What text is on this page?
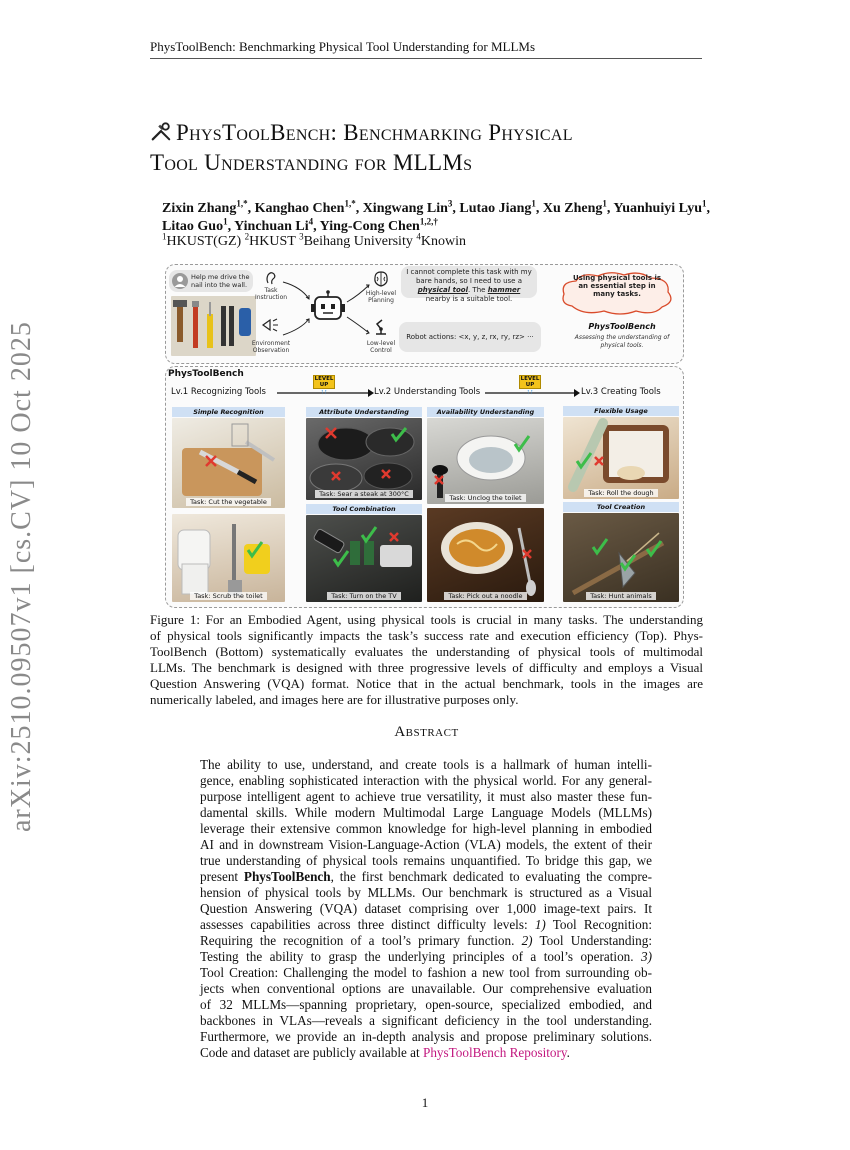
PhysToolBench: Benchmarking Physical Tool Understanding for MLLMs
arXiv:2510.09507v1 [cs.CV] 10 Oct 2025
PhysToolBench: Benchmarking Physical
Tool Understanding for MLLMs
Zixin Zhang$^{1,*}$, Kanghao Chen$^{1,*}$, Xingwang Lin$^3$, Lutao Jiang$^1$, Xu Zheng$^1$, Yuanhuiyi Lyu$^1$,
Litao Guo$^1$, Yinchuan Li$^4$, Ying-Cong Chen$^{1,2,\dagger}$
$^1$HKUST(GZ) $^2$HKUST $^3$Beihang University $^4$Knowin
Help me drive the nail into the wall.
Task Instruction
Environment Observation
High-level Planning
Low-level Control
I cannot complete this task with my bare hands, so I need to use a physical tool. The hammer nearby is a suitable tool.
Robot actions: <x, y, z, rx, ry, rz> ···
Using physical tools is an essential step in many tasks.
PhysToolBench
Assessing the understanding of physical tools.
PhysToolBench
Lv.1 Recognizing Tools	Lv.2 Understanding Tools	Lv.3 Creating Tools
LEVEL UP
↑↑
LEVEL UP
↑↑
Simple Recognition	Attribute Understanding	Availability Understanding	Flexible Usage
Tool Combination	Tool Creation
Task: Cut the vegetable
Task: Sear a steak at 300°C	Task: Unclog the toilet
Task: Roll the dough
Task: Scrub the toilet	Task: Turn on the TV	Task: Pick out a noodle	Task: Hunt animals
Figure 1: For an Embodied Agent, using physical tools is crucial in many tasks. The understanding
of physical tools significantly impacts the task’s success rate and execution efficiency (Top). Phys-
ToolBench (Bottom) systematically evaluates the understanding of physical tools of multimodal
LLMs. The benchmark is designed with three progressive levels of difficulty and employs a Visual
Question Answering (VQA) format. Notice that in the actual benchmark, tools in the images are
numerically labeled, and images here are for illustrative purposes only.
Abstract
The ability to use, understand, and create tools is a hallmark of human intelli-
gence, enabling sophisticated interaction with the physical world. For any general-
purpose intelligent agent to achieve true versatility, it must also master these fun-
damental skills. While modern Multimodal Large Language Models (MLLMs)
leverage their extensive common knowledge for high-level planning in embodied
AI and in downstream Vision-Language-Action (VLA) models, the extent of their
true understanding of physical tools remains unquantified. To bridge this gap, we
present PhysToolBench, the first benchmark dedicated to evaluating the compre-
hension of physical tools by MLLMs. Our benchmark is structured as a Visual
Question Answering (VQA) dataset comprising over 1,000 image-text pairs. It
assesses capabilities across three distinct difficulty levels: 1) Tool Recognition:
Requiring the recognition of a tool’s primary function. 2) Tool Understanding:
Testing the ability to grasp the underlying principles of a tool’s operation. 3)
Tool Creation: Challenging the model to fashion a new tool from surrounding ob-
jects when conventional options are unavailable. Our comprehensive evaluation
of 32 MLLMs—spanning proprietary, open-source, specialized embodied, and
backbones in VLAs—reveals a significant deficiency in the tool understanding.
Furthermore, we provide an in-depth analysis and propose preliminary solutions.
Code and dataset are publicly available at PhysToolBench Repository.
1
